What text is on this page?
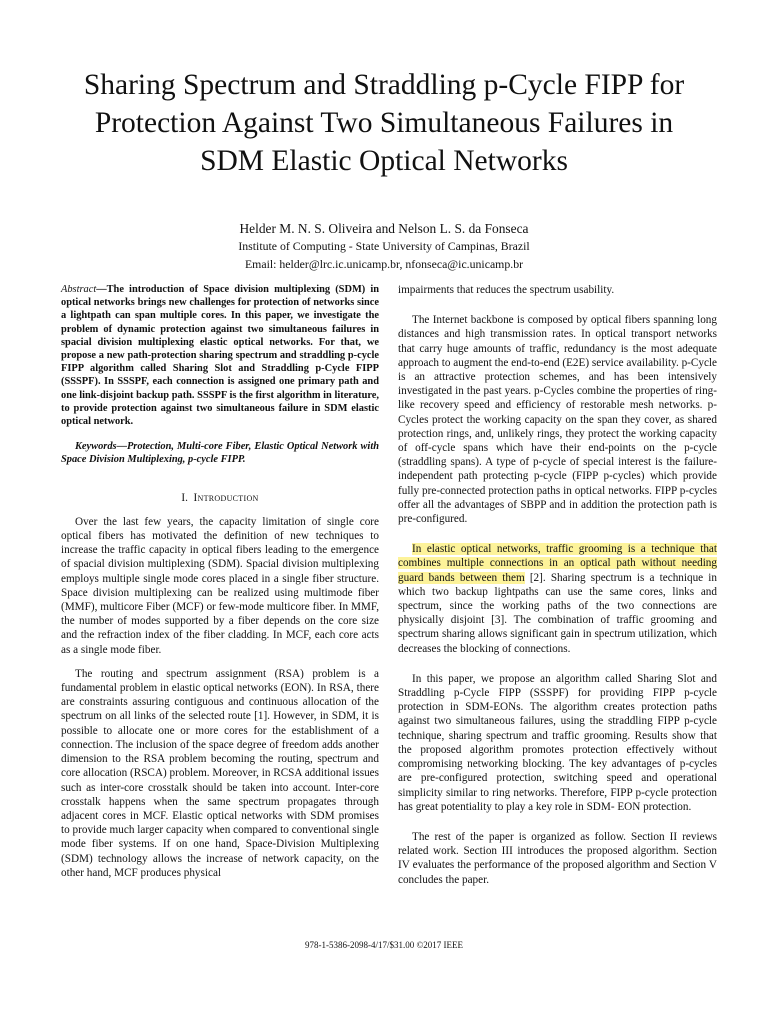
Sharing Spectrum and Straddling p-Cycle FIPP for
Protection Against Two Simultaneous Failures in
SDM Elastic Optical Networks
Helder M. N. S. Oliveira and Nelson L. S. da Fonseca
Institute of Computing - State University of Campinas, Brazil
Email: helder@lrc.ic.unicamp.br, nfonseca@ic.unicamp.br

Abstract—The introduction of Space division multiplexing (SDM) in optical networks brings new challenges for protection of networks since a lightpath can span multiple cores. In this paper, we investigate the problem of dynamic protection against two simultaneous failures in spacial division multiplexing elastic optical networks. For that, we propose a new path-protection sharing spectrum and straddling p-cycle FIPP algorithm called Sharing Slot and Straddling p-Cycle FIPP (SSSPF). In SSSPF, each connection is assigned one primary path and one link-disjoint backup path. SSSPF is the first algorithm in literature, to provide protection against two simultaneous failure in SDM elastic optical network.

Keywords—Protection, Multi-core Fiber, Elastic Optical Network with Space Division Multiplexing, p-cycle FIPP.

I. Introduction

Over the last few years, the capacity limitation of single core optical fibers has motivated the definition of new techniques to increase the traffic capacity in optical fibers leading to the emergence of spacial division multiplexing (SDM). Spacial division multiplexing employs multiple single mode cores placed in a single fiber structure. Space division multiplexing can be realized using multimode fiber (MMF), multicore Fiber (MCF) or few-mode multicore fiber. In MMF, the number of modes supported by a fiber depends on the core size and the refraction index of the fiber cladding. In MCF, each core acts as a single mode fiber.

The routing and spectrum assignment (RSA) problem is a fundamental problem in elastic optical networks (EON). In RSA, there are constraints assuring contiguous and continuous allocation of the spectrum on all links of the selected route [1]. However, in SDM, it is possible to allocate one or more cores for the establishment of a connection. The inclusion of the space degree of freedom adds another dimension to the RSA problem becoming the routing, spectrum and core allocation (RSCA) problem. Moreover, in RCSA additional issues such as inter-core crosstalk should be taken into account. Inter-core crosstalk happens when the same spectrum propagates through adjacent cores in MCF. Elastic optical networks with SDM promises to provide much larger capacity when compared to conventional single mode fiber systems. If on one hand, Space-Division Multiplexing (SDM) technology allows the increase of network capacity, on the other hand, MCF produces physical

impairments that reduces the spectrum usability.

The Internet backbone is composed by optical fibers spanning long distances and high transmission rates. In optical transport networks that carry huge amounts of traffic, redundancy is the most adequate approach to augment the end-to-end (E2E) service availability. p-Cycle is an attractive protection schemes, and has been intensively investigated in the past years. p-Cycles combine the properties of ring-like recovery speed and efficiency of restorable mesh networks. p-Cycles protect the working capacity on the span they cover, as shared protection rings, and, unlikely rings, they protect the working capacity of off-cycle spans which have their end-points on the p-cycle (straddling spans). A type of p-cycle of special interest is the failure-independent path protecting p-cycle (FIPP p-cycles) which provide fully pre-connected protection paths in optical networks. FIPP p-cycles offer all the advantages of SBPP and in addition the protection path is pre-configured.

In elastic optical networks, traffic grooming is a technique that combines multiple connections in an optical path without needing guard bands between them [2]. Sharing spectrum is a technique in which two backup lightpaths can use the same cores, links and spectrum, since the working paths of the two connections are physically disjoint [3]. The combination of traffic grooming and spectrum sharing allows significant gain in spectrum utilization, which decreases the blocking of connections.

In this paper, we propose an algorithm called Sharing Slot and Straddling p-Cycle FIPP (SSSPF) for providing FIPP p-cycle protection in SDM-EONs. The algorithm creates protection paths against two simultaneous failures, using the straddling FIPP p-cycle technique, sharing spectrum and traffic grooming. Results show that the proposed algorithm promotes protection effectively without compromising networking blocking. The key advantages of p-cycles are pre-configured protection, switching speed and operational simplicity similar to ring networks. Therefore, FIPP p-cycle protection has great potentiality to play a key role in SDM- EON protection.

The rest of the paper is organized as follow. Section II reviews related work. Section III introduces the proposed algorithm. Section IV evaluates the performance of the proposed algorithm and Section V concludes the paper.

978-1-5386-2098-4/17/$31.00 ©2017 IEEE
